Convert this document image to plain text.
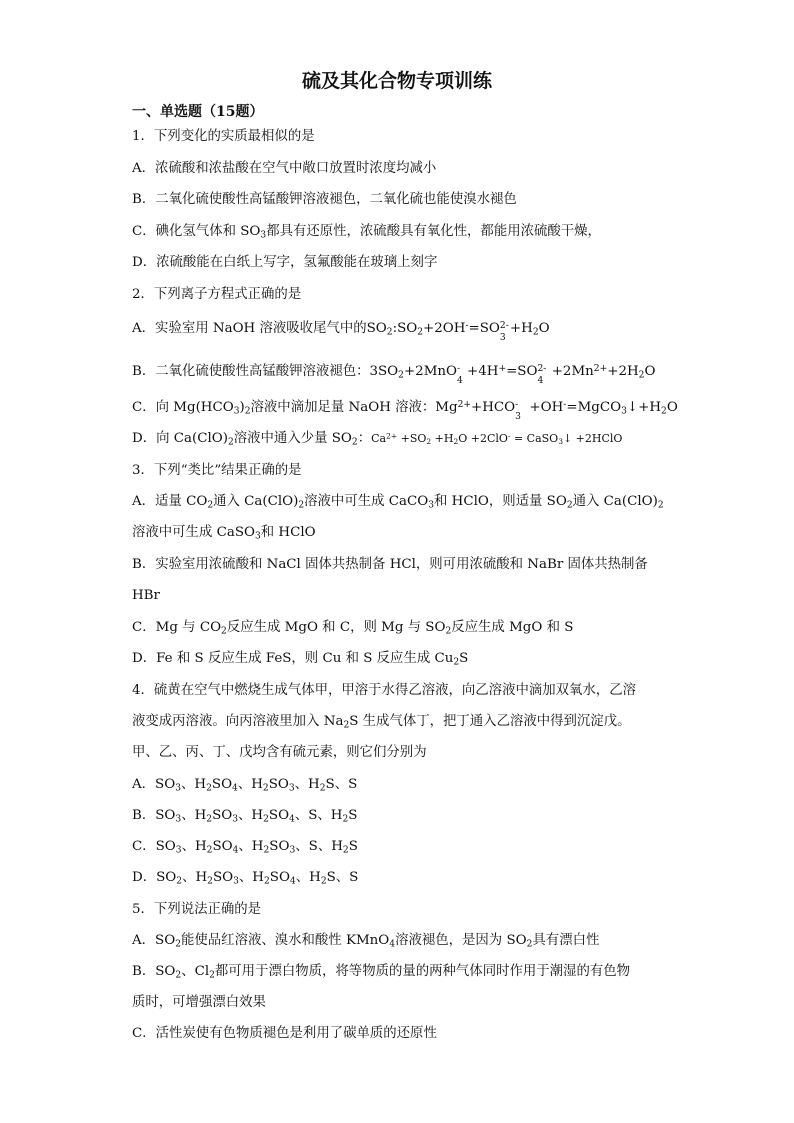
硫及其化合物专项训练
一、单选题（15题）
1．下列变化的实质最相似的是
A．浓硫酸和浓盐酸在空气中敞口放置时浓度均减小
B．二氧化硫使酸性高锰酸钾溶液褪色，二氧化硫也能使溴水褪色
C．碘化氢气体和 $SO_3$都具有还原性，浓硫酸具有氧化性，都能用浓硫酸干燥，
D．浓硫酸能在白纸上写字，氢氟酸能在玻璃上刻字
2．下列离子方程式正确的是
A．实验室用 NaOH 溶液吸收尾气中的$SO_2:SO_2+2OH^-=SO$ 2-
3
$+H_2O$
B．二氧化硫使酸性高锰酸钾溶液褪色：$3SO_2+2MnO$ -
4
+4H+=SO 2-
4
$+2Mn^{2+}+2H_2O$
C．向 $Mg(HCO_3)_2$溶液中滴加足量 NaOH 溶液：$Mg^{2+}+HCO$ -
3
$+OH^-=MgCO_3↓+H_2O$
D．向 $Ca(ClO)_2$溶液中通入少量 $SO_2$：$Ca^{2+} +SO_2 +H_2O +2ClO^-$ = CaSO$_3$↓ +2HClO
3．下列“类比”结果正确的是
A．适量 $CO_2$通入 $Ca(ClO)_2$溶液中可生成 CaCO$_3$和 HClO，则适量 $SO_2$通入 $Ca(ClO)_2$
溶液中可生成 CaSO$_3$和 HClO
B．实验室用浓硫酸和 NaCl 固体共热制备 HCl，则可用浓硫酸和 NaBr 固体共热制备
HBr
C．Mg 与 $CO_2$反应生成 MgO 和 C，则 Mg 与 $SO_2$反应生成 MgO 和 S
D．Fe 和 S 反应生成 FeS，则 Cu 和 S 反应生成 $Cu_2S$
4．硫黄在空气中燃烧生成气体甲，甲溶于水得乙溶液，向乙溶液中滴加双氧水，乙溶
液变成丙溶液。向丙溶液里加入 $Na_2S$ 生成气体丁，把丁通入乙溶液中得到沉淀戊。
甲、乙、丙、丁、戊均含有硫元素，则它们分别为
A．$SO_3$、$H_2SO_4$、$H_2SO_3$、$H_2S$、S
B．$SO_3$、$H_2SO_3$、$H_2SO_4$、S、$H_2S$
C．$SO_3$、$H_2SO_4$、$H_2SO_3$、S、$H_2S$
D．$SO_2$、$H_2SO_3$、$H_2SO_4$、$H_2S$、S
5．下列说法正确的是
A．$SO_2$能使品红溶液、溴水和酸性 KMnO$_4$溶液褪色，是因为 $SO_2$具有漂白性
B．$SO_2$、$Cl_2$都可用于漂白物质，将等物质的量的两种气体同时作用于潮湿的有色物
质时，可增强漂白效果
C．活性炭使有色物质褪色是利用了碳单质的还原性
